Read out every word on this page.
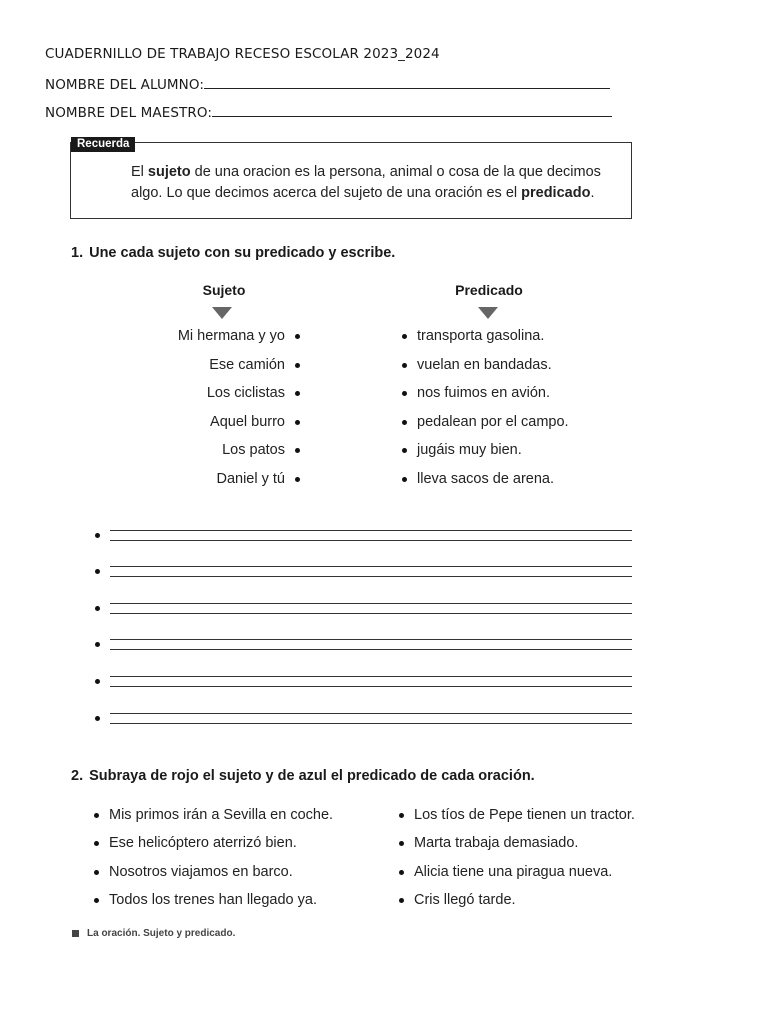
CUADERNILLO DE TRABAJO RECESO ESCOLAR 2023_2024
NOMBRE DEL ALUMNO:
NOMBRE DEL MAESTRO:
Recuerda
El sujeto de una oracion es la persona, animal o cosa de la que decimos algo. Lo que decimos acerca del sujeto de una oración es el predicado.
1. Une cada sujeto con su predicado y escribe.
Sujeto	Predicado
Mi hermana y yo
Ese camión
Los ciclistas
Aquel burro
Los patos
Daniel y tú
transporta gasolina.
vuelan en bandadas.
nos fuimos en avión.
pedalean por el campo.
jugáis muy bien.
lleva sacos de arena.
2. Subraya de rojo el sujeto y de azul el predicado de cada oración.
Mis primos irán a Sevilla en coche.
Ese helicóptero aterrizó bien.
Nosotros viajamos en barco.
Todos los trenes han llegado ya.
Los tíos de Pepe tienen un tractor.
Marta trabaja demasiado.
Alicia tiene una piragua nueva.
Cris llegó tarde.
La oración. Sujeto y predicado.
